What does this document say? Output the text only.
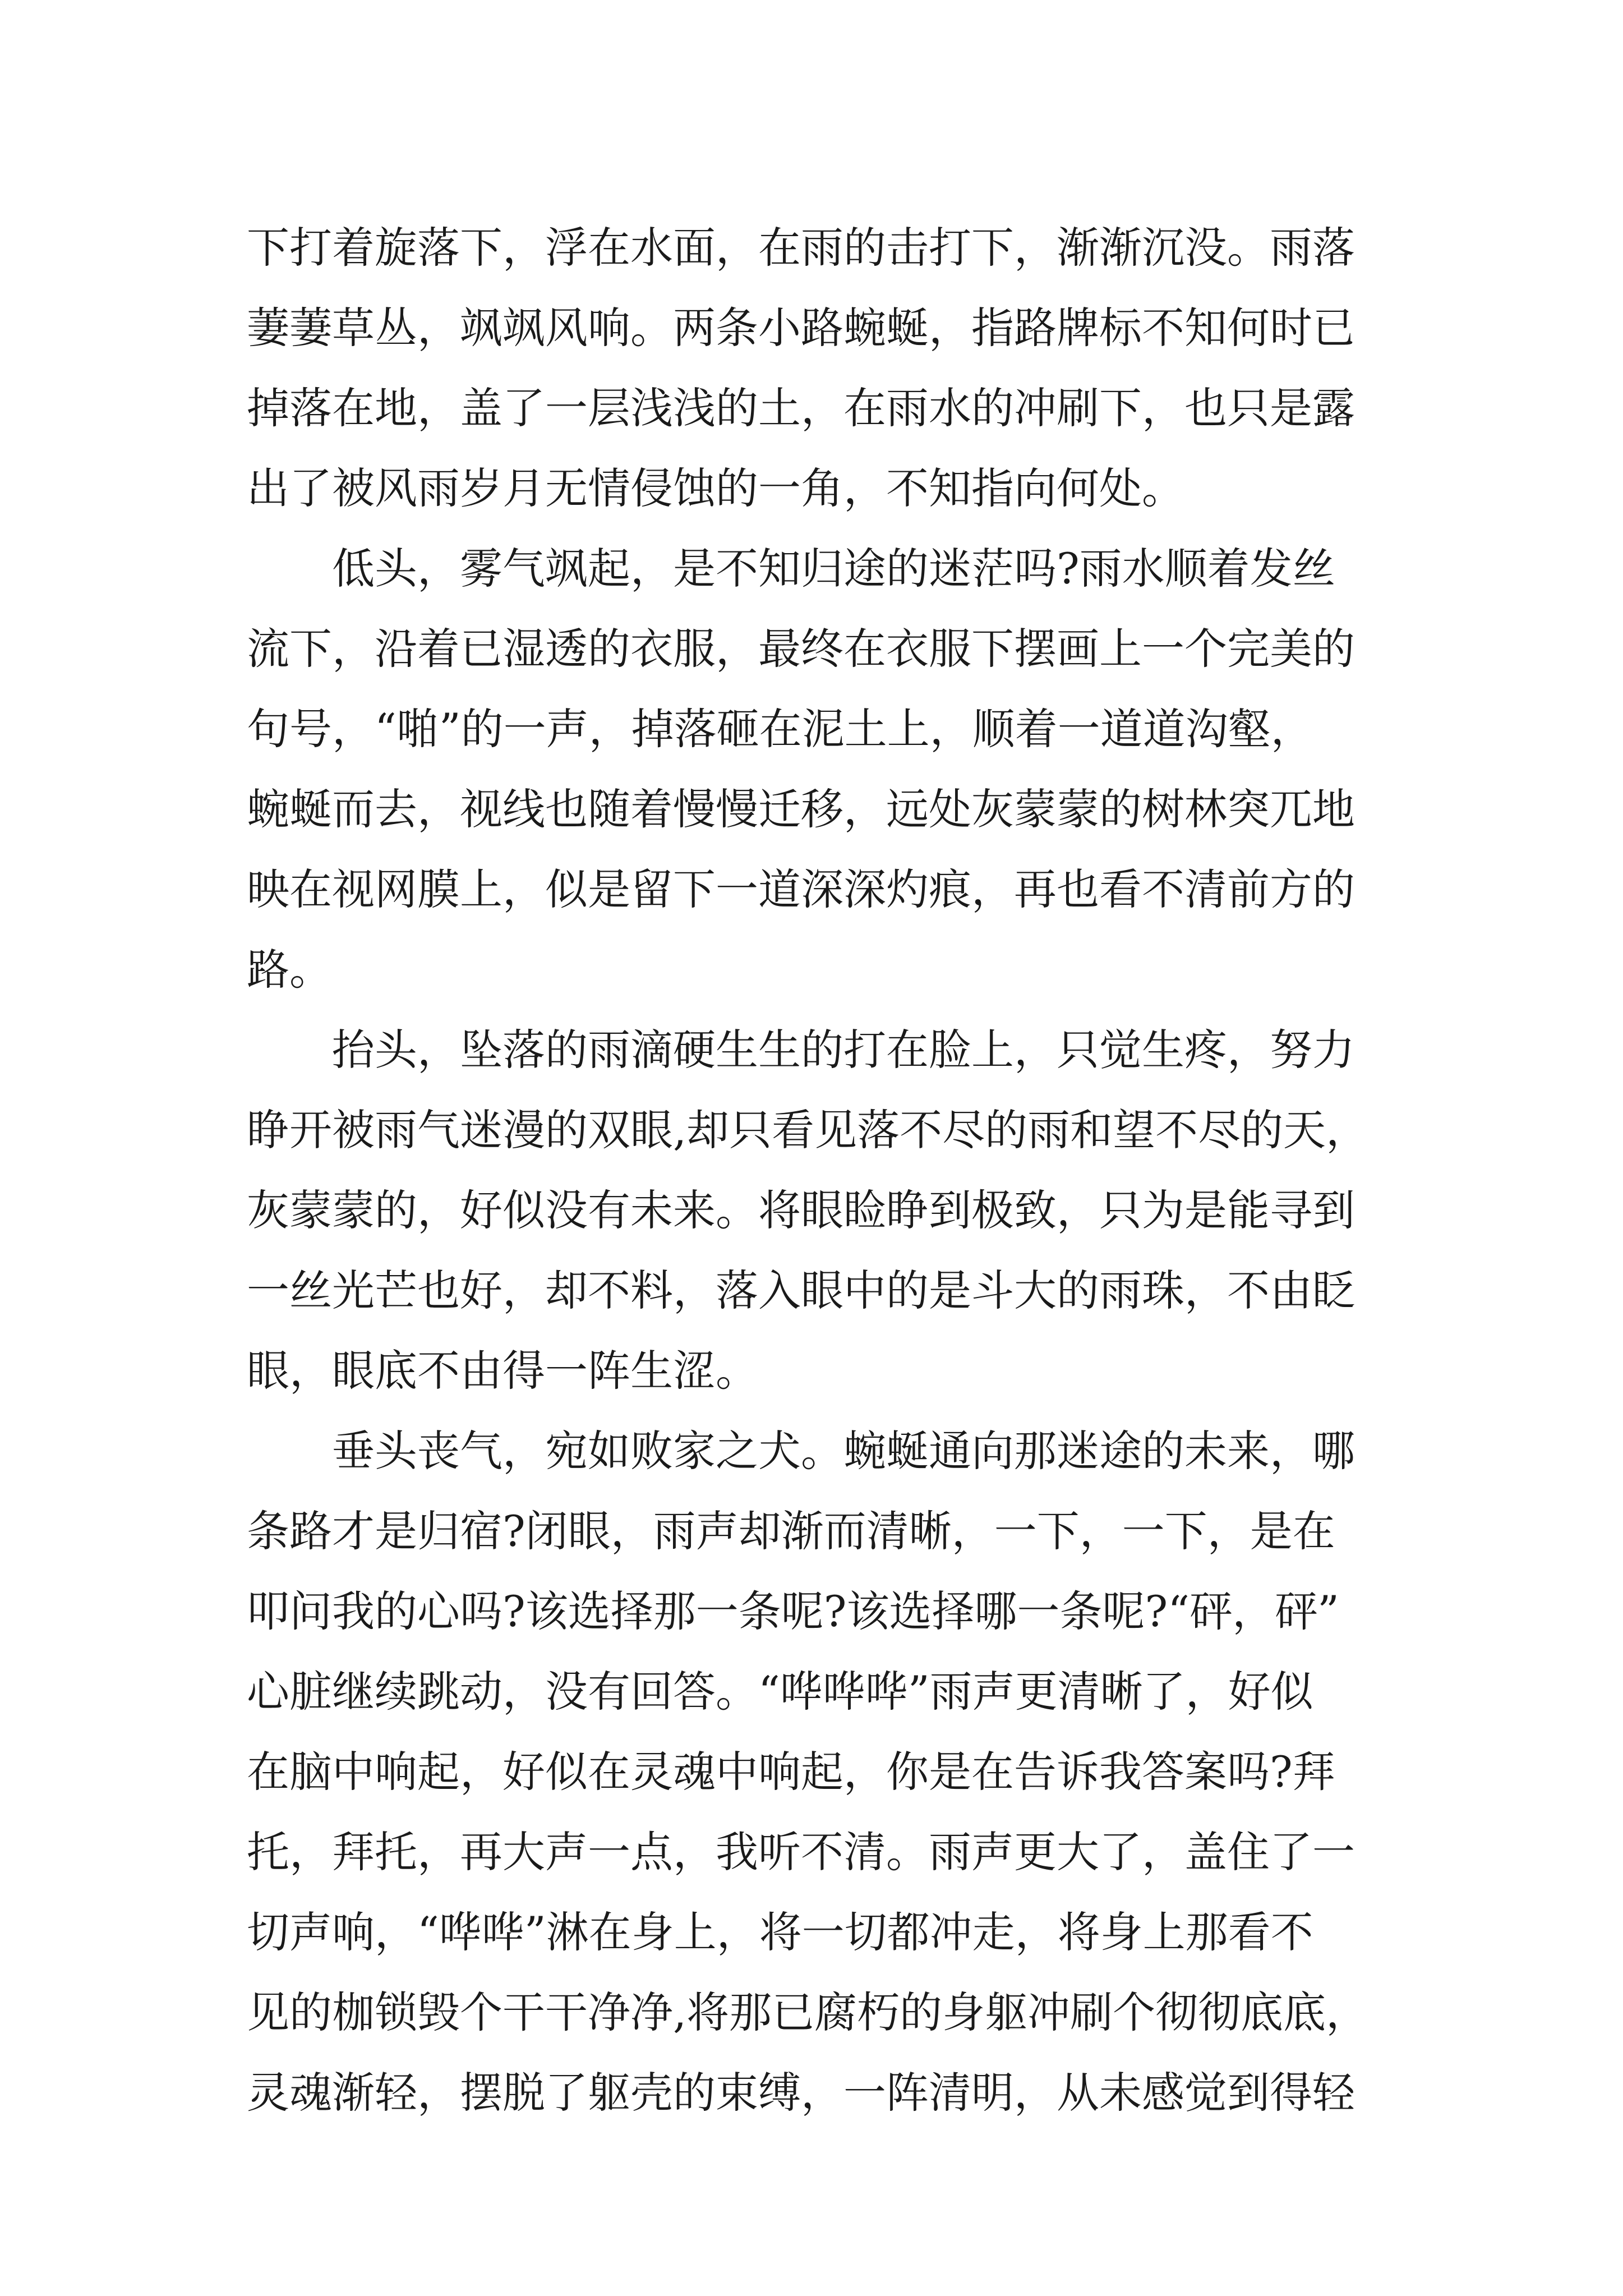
下打着旋落下，浮在水面，在雨的击打下，渐渐沉没。雨落
萋萋草丛，飒飒风响。两条小路蜿蜒，指路牌标不知何时已
掉落在地，盖了一层浅浅的土，在雨水的冲刷下，也只是露
出了被风雨岁月无情侵蚀的一角，不知指向何处。
　　低头，雾气飒起，是不知归途的迷茫吗?雨水顺着发丝
流下，沿着已湿透的衣服，最终在衣服下摆画上一个完美的
句号，“啪”的一声，掉落砸在泥土上，顺着一道道沟壑，
蜿蜒而去，视线也随着慢慢迁移，远处灰蒙蒙的树林突兀地
映在视网膜上，似是留下一道深深灼痕，再也看不清前方的
路。
　　抬头，坠落的雨滴硬生生的打在脸上，只觉生疼，努力
睁开被雨气迷漫的双眼,却只看见落不尽的雨和望不尽的天，
灰蒙蒙的，好似没有未来。将眼睑睁到极致，只为是能寻到
一丝光芒也好，却不料，落入眼中的是斗大的雨珠，不由眨
眼，眼底不由得一阵生涩。
　　垂头丧气，宛如败家之犬。蜿蜒通向那迷途的未来，哪
条路才是归宿?闭眼，雨声却渐而清晰，一下，一下，是在
叩问我的心吗?该选择那一条呢?该选择哪一条呢?“砰，砰”
心脏继续跳动，没有回答。“哗哗哗”雨声更清晰了，好似
在脑中响起，好似在灵魂中响起，你是在告诉我答案吗?拜
托，拜托，再大声一点，我听不清。雨声更大了，盖住了一
切声响，“哗哗”淋在身上，将一切都冲走，将身上那看不
见的枷锁毁个干干净净,将那已腐朽的身躯冲刷个彻彻底底，
灵魂渐轻，摆脱了躯壳的束缚，一阵清明，从未感觉到得轻
